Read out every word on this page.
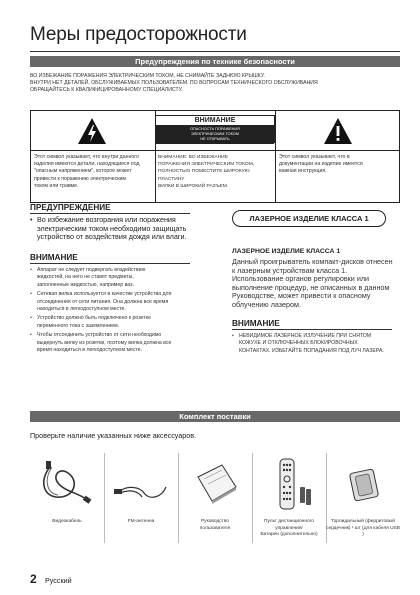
Меры предосторожности
Предупреждения по технике безопасности
ВО ИЗБЕЖАНИЕ ПОРАЖЕНИЯ ЭЛЕКТРИЧЕСКИМ ТОКОМ, НЕ СНИМАЙТЕ ЗАДНЮЮ КРЫШКУ.
ВНУТРИ НЕТ ДЕТАЛЕЙ, ОБСЛУЖИВАЕМЫХ ПОЛЬЗОВАТЕЛЕМ. ПО ВОПРОСАМ ТЕХНИЧЕСКОГО ОБСЛУЖИВАНИЯ
ОБРАЩАЙТЕСЬ К КВАЛИФИЦИРОВАННОМУ СПЕЦИАЛИСТУ.
ВНИМАНИЕ
ОПАСНОСТЬ ПОРАЖЕНИЯ
ЭЛЕКТРИЧЕСКИМ ТОКОМ
НЕ ОТКРЫВАТЬ
Этот символ указывает, что внутри данного
изделия имеются детали, находящиеся под
"опасным напряжением", которое может
привести к поражению электрическим
током или травме.
ВНИМАНИЕ: ВО ИЗБЕЖАНИЕ
ПОРАЖЕНИЯ ЭЛЕКТРИЧЕСКИМ ТОКОМ,
ПОЛНОСТЬЮ ПОМЕСТИТЕ ШИРОКУЮ ПЛАСТИНУ
ВИЛКИ В ШИРОКИЙ РАЗЪЕМ.
Этот символ указывает, что в
документации на изделие имеется
важная инструкция.
ПРЕДУПРЕЖДЕНИЕ
• Во избежание возгорания или поражения
электрическим током необходимо защищать
устройство от воздействия дождя или влаги.
ВНИМАНИЕ
• Аппарат не следует подвергать воздействию
жидкостей, на него не ставят предметы,
заполненные жидкостью, например ваз.
• Сетевая вилка используется в качестве устройства для
отсоединения от сети питания. Она должна все время
находиться в легкодоступном месте.
• Устройство должно быть подключено к розетке
переменного тока с заземлением.
• Чтобы отсоединить устройство от сети необходимо
выдернуть вилку из розетки, поэтому вилка должна все
время находиться в легкодоступном месте.
ЛАЗЕРНОЕ ИЗДЕЛИЕ КЛАССА 1
ЛАЗЕРНОЕ ИЗДЕЛИЕ КЛАССА 1
Данный проигрыватель компакт-дисков отнесен
к лазерным устройствам класса 1.
Использование органов регулировки или
выполнение процедур, не описанных в данном
Руководстве, может привести к опасному
облучению лазером.
ВНИМАНИЕ
• НЕВИДИМОЕ ЛАЗЕРНОЕ ИЗЛУЧЕНИЕ ПРИ СНЯТОМ
КОЖУХЕ И ОТКЛЮЧЕННЫХ БЛОКИРОВОЧНЫХ
КОНТАКТАХ. ИЗБЕГАЙТЕ ПОПАДАНИЯ ПОД ЛУЧ ЛАЗЕРА.
Комплект поставки
Проверьте наличие указанных ниже аксессуаров.
Видеокабель	FM-антенна	Руководство
пользователя
Пульт дистанционного управления/
Батареи (дополнительно)
Тороидальный (ферритовый
сердечник) ¹ шт (для кабеля USB )
2 Русский
